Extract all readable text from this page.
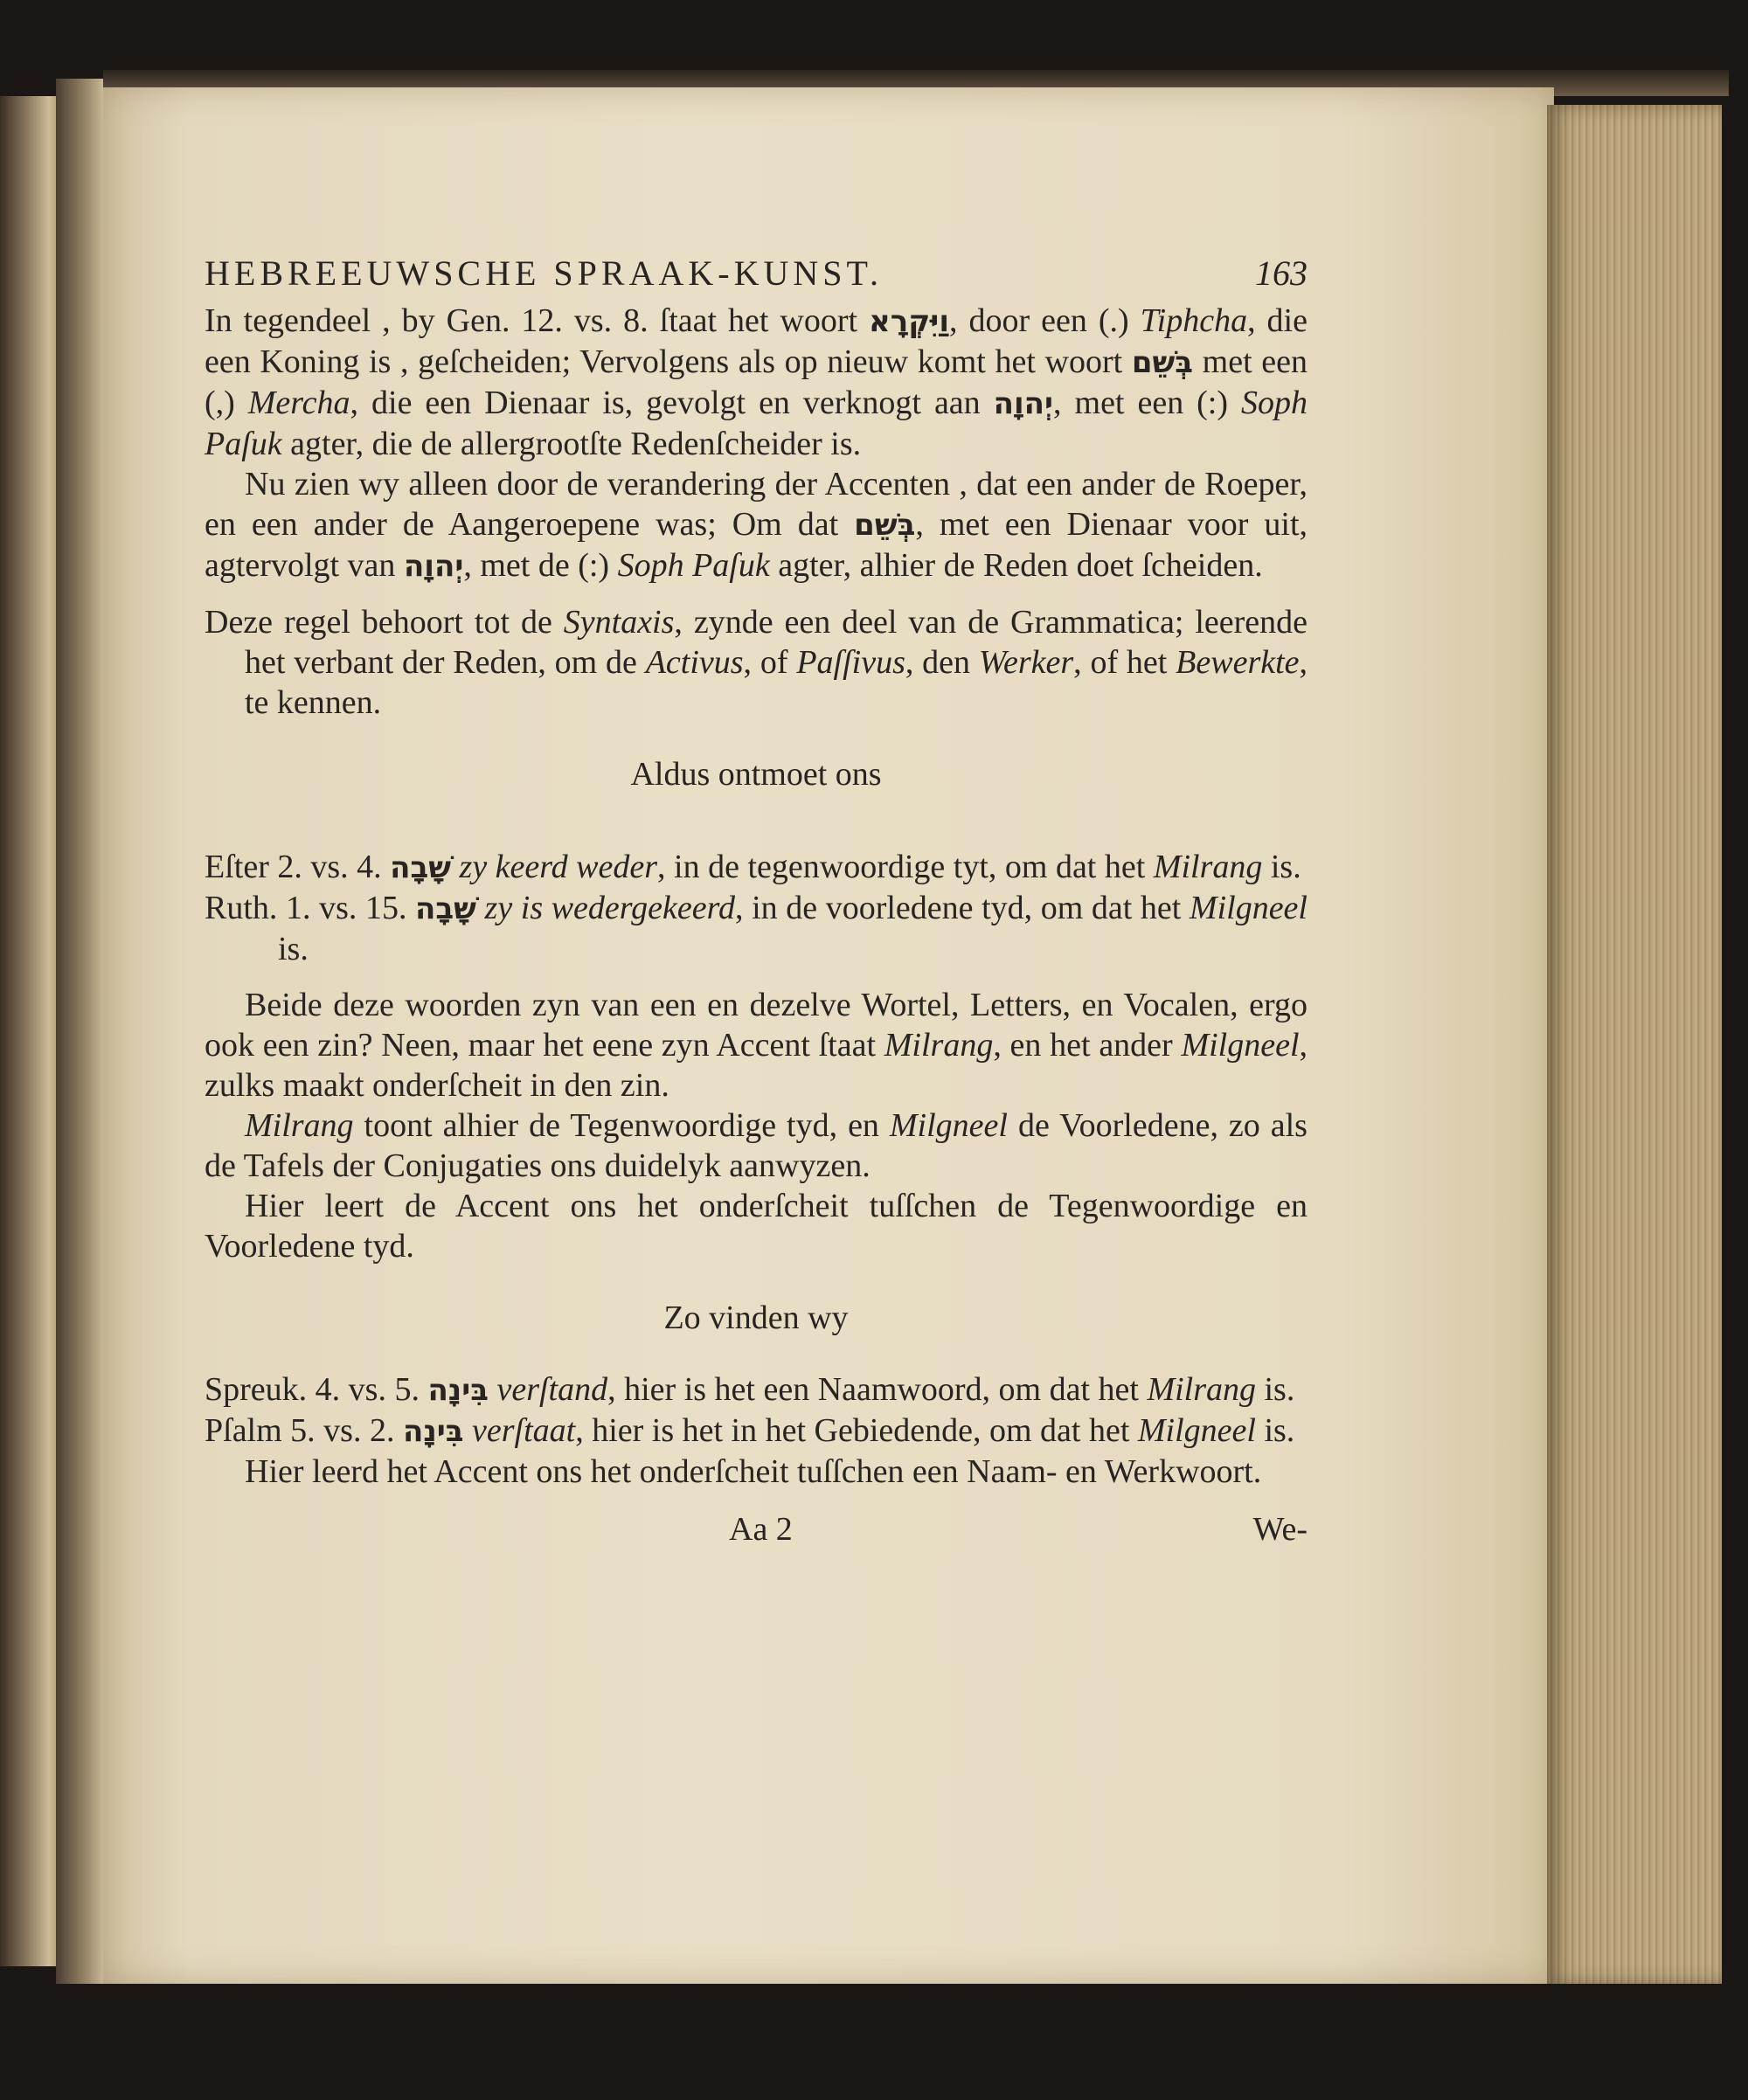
HEBREEUWSCHE SPRAAK-KUNST.	163

In tegendeel , by Gen. 12. vs. 8. ſtaat het woort וַיִּקְרָא, door een (.) Tiphcha, die een Koning is , geſcheiden; Vervolgens als op nieuw komt het woort בְּשֵׁם met een (,) Mercha, die een Dienaar is, gevolgt en verknogt aan יְהוָה, met een (:) Soph Paſuk agter, die de allergrootſte Redenſcheider is.

Nu zien wy alleen door de verandering der Accenten , dat een ander de Roeper, en een ander de Aangeroepene was; Om dat בְּשֵׁם, met een Dienaar voor uit, agtervolgt van יְהוָה, met de (:) Soph Paſuk agter, alhier de Reden doet ſcheiden.

Deze regel behoort tot de Syntaxis, zynde een deel van de Grammatica; leerende het verbant der Reden, om de Activus, of Paſſivus, den Werker, of het Bewerkte, te kennen.

Aldus ontmoet ons

Eſter 2. vs. 4. שָׁבָה zy keerd weder, in de tegenwoordige tyt, om dat het Milrang is.

Ruth. 1. vs. 15. שָׁבָה zy is wedergekeerd, in de voorledene tyd, om dat het Milgneel is.

Beide deze woorden zyn van een en dezelve Wortel, Letters, en Vocalen, ergo ook een zin? Neen, maar het eene zyn Accent ſtaat Milrang, en het ander Milgneel, zulks maakt onderſcheit in den zin.

Milrang toont alhier de Tegenwoordige tyd, en Milgneel de Voorledene, zo als de Tafels der Conjugaties ons duidelyk aanwyzen.

Hier leert de Accent ons het onderſcheit tuſſchen de Tegenwoordige en Voorledene tyd.

Zo vinden wy

Spreuk. 4. vs. 5. בִּינָה verſtand, hier is het een Naamwoord, om dat het Milrang is.

Pſalm 5. vs. 2. בִּינָה verſtaat, hier is het in het Gebiedende, om dat het Milgneel is.

Hier leerd het Accent ons het onderſcheit tuſſchen een Naam- en Werkwoort.

Aa 2	We-
